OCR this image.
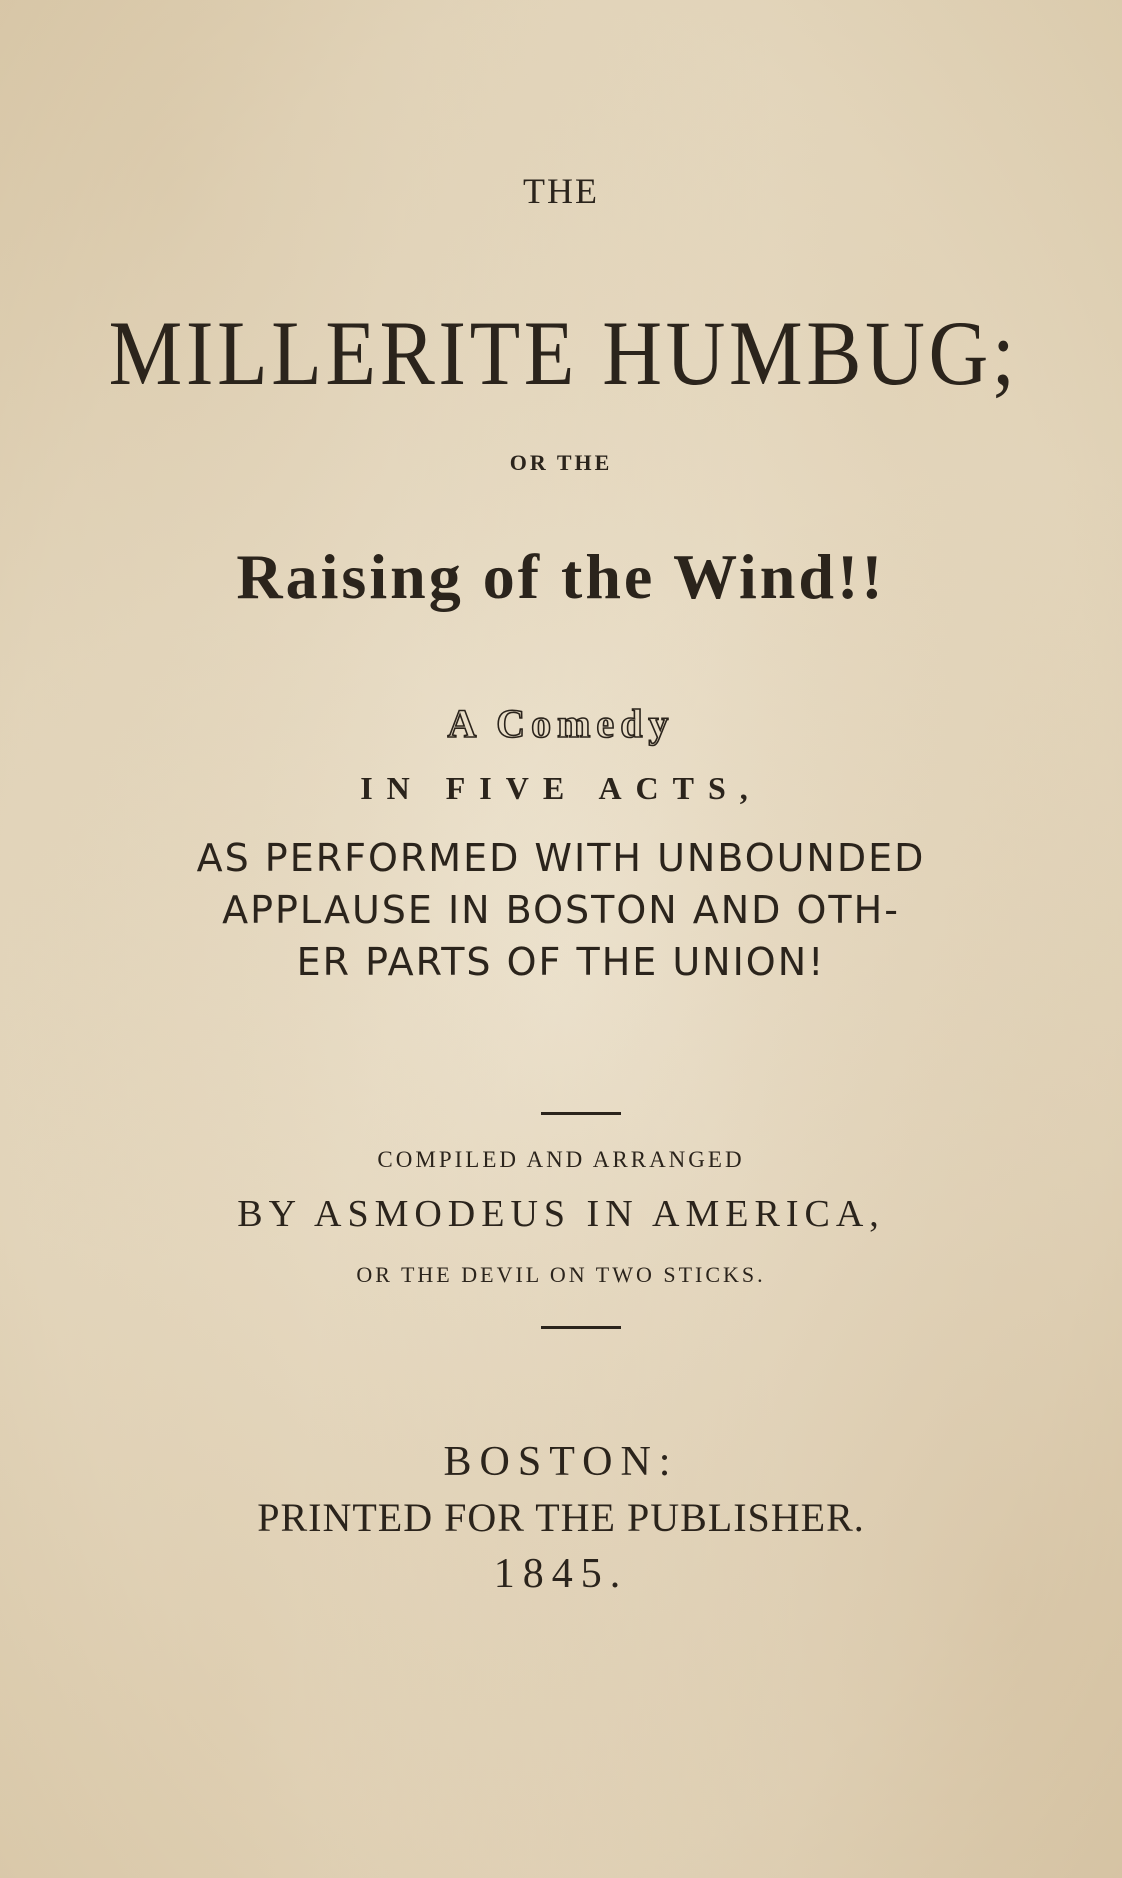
THE
MILLERITE HUMBUG;
OR THE
Raising of the Wind!!
A Comedy
IN FIVE ACTS,
AS PERFORMED WITH UNBOUNDED
APPLAUSE IN BOSTON AND OTH-
ER PARTS OF THE UNION!
COMPILED AND ARRANGED
BY ASMODEUS IN AMERICA,
OR THE DEVIL ON TWO STICKS.
BOSTON:
PRINTED FOR THE PUBLISHER.
1845.
